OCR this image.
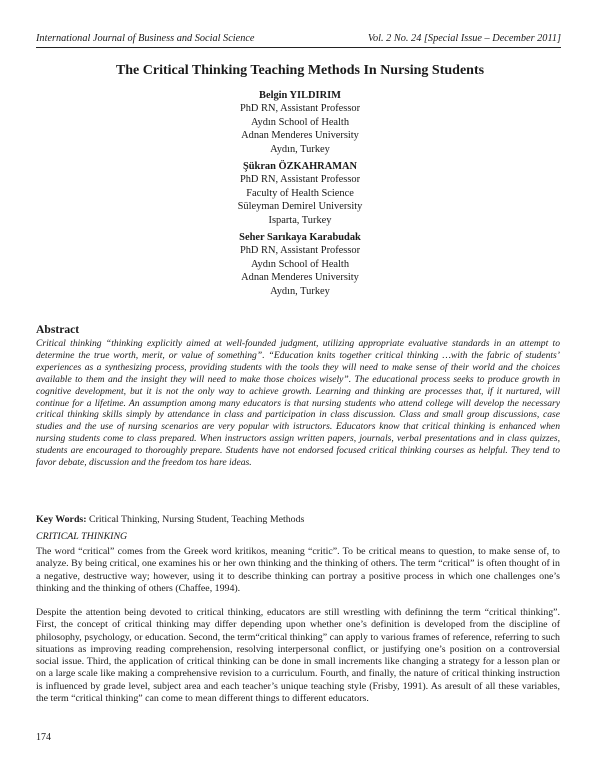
International Journal of Business and Social Science	Vol. 2 No. 24 [Special Issue – December 2011]
The Critical Thinking Teaching Methods In Nursing Students
Belgin YILDIRIM
PhD RN, Assistant Professor
Aydın School of Health
Adnan Menderes University
Aydın, Turkey
Şükran ÖZKAHRAMAN
PhD RN, Assistant Professor
Faculty of Health Science
Süleyman Demirel University
Isparta, Turkey
Seher Sarıkaya Karabudak
PhD RN, Assistant Professor
Aydın School of Health
Adnan Menderes University
Aydın, Turkey
Abstract

Critical thinking “thinking explicitly aimed at well-founded judgment, utilizing appropriate evaluative standards in an attempt to determine the true worth, merit, or value of something”. “Education knits together critical thinking …with the fabric of students’ experiences as a synthesizing process, providing students with the tools they will need to make sense of their world and the choices available to them and the insight they will need to make those choices wisely”. The educational process seeks to produce growth in cognitive development, but it is not the only way to achieve growth. Learning and thinking are processes that, if it nurtured, will continue for a lifetime. An assumption among many educators is that nursing students who attend college will develop the necessary critical thinking skills simply by attendance in class and participation in class discussion. Class and small group discussions, case studies and the use of nursing scenarios are very popular with istructors. Educators know that critical thinking is enhanced when nursing students come to class prepared. When instructors assign written papers, journals, verbal presentations and in class quizzes, students are encouraged to thoroughly prepare. Students have not endorsed focused critical thinking courses as helpful. They tend to favor debate, discussion and the freedom tos hare ideas.

Key Words: Critical Thinking, Nursing Student, Teaching Methods

CRITICAL THINKING

The word “critical” comes from the Greek word kritikos, meaning “critic”. To be critical means to question, to make sense of, to analyze. By being critical, one examines his or her own thinking and the thinking of others. The term “critical” is often thought of in a negative, destructive way; however, using it to describe thinking can portray a positive process in which one challenges one’s thinking and the thinking of others (Chaffee, 1994).

Despite the attention being devoted to critical thinking, educators are still wrestling with defininng the term “critical thinking”. First, the concept of critical thinking may differ depending upon whether one’s definition is developed from the discipline of philosophy, psychology, or education. Second, the term“critical thinking” can apply to various frames of reference, referring to such situations as improving reading comprehension, resolving interpersonal conflict, or justifying one’s position on a controversial social issue. Third, the application of critical thinking can be done in small increments like changing a strategy for a lesson plan or on a large scale like making a comprehensive revision to a curriculum. Fourth, and finally, the nature of critical thinking instruction is influenced by grade level, subject area and each teacher’s unique teaching style (Frisby, 1991). As aresult of all these variables, the term “critical thinking” can come to mean different things to different educators.

174
